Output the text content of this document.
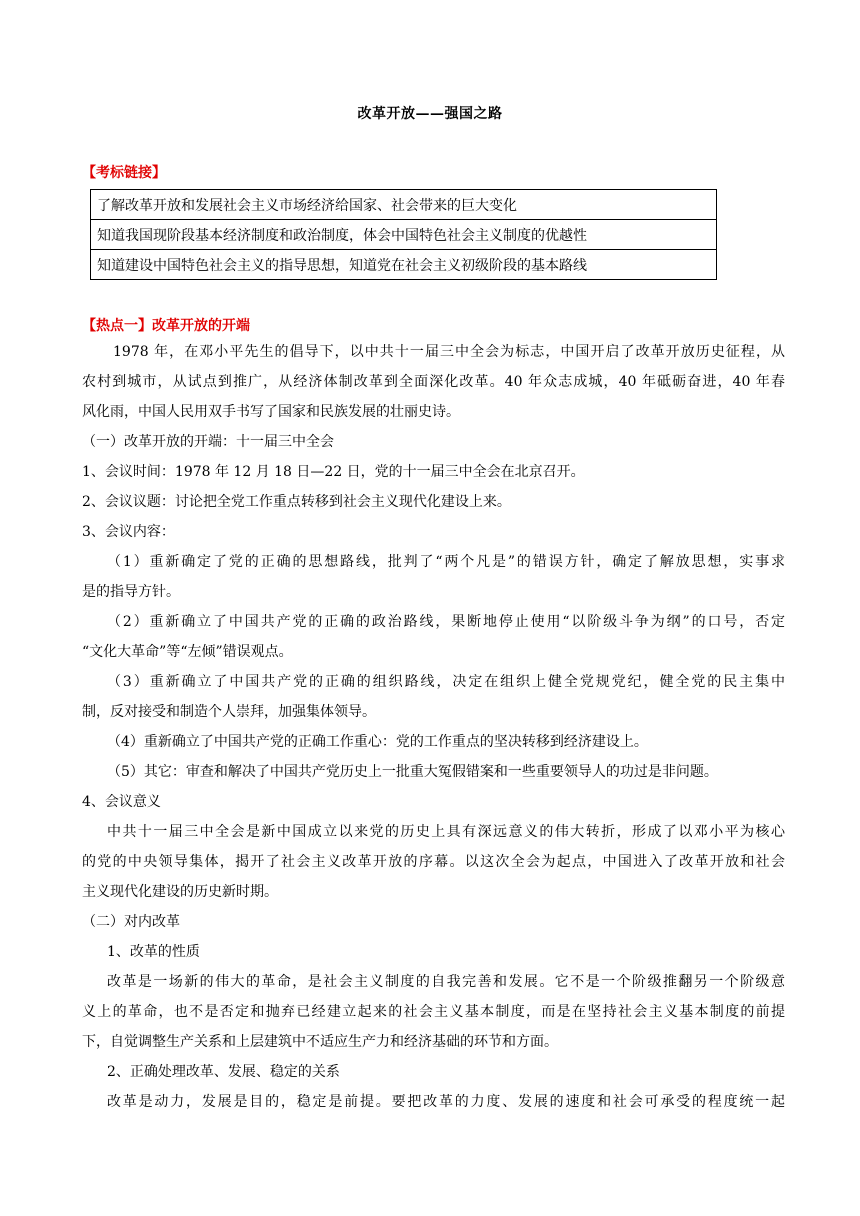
改革开放——强国之路
【考标链接】
了解改革开放和发展社会主义市场经济给国家、社会带来的巨大变化
知道我国现阶段基本经济制度和政治制度，体会中国特色社会主义制度的优越性
知道建设中国特色社会主义的指导思想，知道党在社会主义初级阶段的基本路线
【热点一】改革开放的开端
1978 年，在邓小平先生的倡导下，以中共十一届三中全会为标志，中国开启了改革开放历史征程，从
农村到城市，从试点到推广，从经济体制改革到全面深化改革。40 年众志成城，40 年砥砺奋进，40 年春
风化雨，中国人民用双手书写了国家和民族发展的壮丽史诗。
（一）改革开放的开端：十一届三中全会
1、会议时间：1978 年 12 月 18 日—22 日，党的十一届三中全会在北京召开。
2、会议议题：讨论把全党工作重点转移到社会主义现代化建设上来。
3、会议内容：
（1）重新确定了党的正确的思想路线，批判了“两个凡是”的错误方针，确定了解放思想，实事求
是的指导方针。
（2）重新确立了中国共产党的正确的政治路线，果断地停止使用“以阶级斗争为纲”的口号，否定
“文化大革命”等“左倾”错误观点。
（3）重新确立了中国共产党的正确的组织路线，决定在组织上健全党规党纪，健全党的民主集中
制，反对接受和制造个人崇拜，加强集体领导。
（4）重新确立了中国共产党的正确工作重心：党的工作重点的坚决转移到经济建设上。
（5）其它：审查和解决了中国共产党历史上一批重大冤假错案和一些重要领导人的功过是非问题。
4、会议意义
中共十一届三中全会是新中国成立以来党的历史上具有深远意义的伟大转折，形成了以邓小平为核心
的党的中央领导集体，揭开了社会主义改革开放的序幕。以这次全会为起点，中国进入了改革开放和社会
主义现代化建设的历史新时期。
（二）对内改革
1、改革的性质
改革是一场新的伟大的革命，是社会主义制度的自我完善和发展。它不是一个阶级推翻另一个阶级意
义上的革命，也不是否定和抛弃已经建立起来的社会主义基本制度，而是在坚持社会主义基本制度的前提
下，自觉调整生产关系和上层建筑中不适应生产力和经济基础的环节和方面。
2、正确处理改革、发展、稳定的关系
改革是动力，发展是目的，稳定是前提。要把改革的力度、发展的速度和社会可承受的程度统一起
